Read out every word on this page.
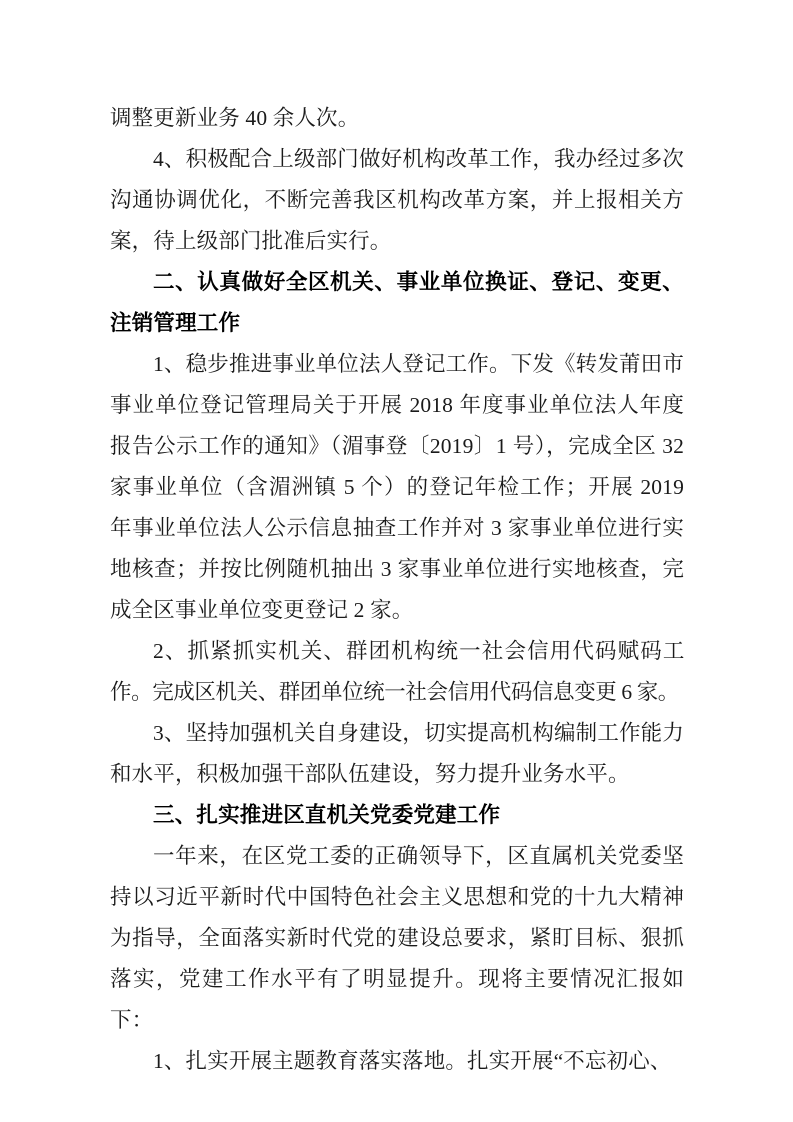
调整更新业务 40 余人次。

4、积极配合上级部门做好机构改革工作，我办经过多次沟通协调优化，不断完善我区机构改革方案，并上报相关方案，待上级部门批准后实行。

二、认真做好全区机关、事业单位换证、登记、变更、注销管理工作

1、稳步推进事业单位法人登记工作。下发《转发莆田市事业单位登记管理局关于开展 2018 年度事业单位法人年度报告公示工作的通知》（湄事登〔2019〕1 号），完成全区 32 家事业单位（含湄洲镇 5 个）的登记年检工作；开展 2019 年事业单位法人公示信息抽查工作并对 3 家事业单位进行实地核查；并按比例随机抽出 3 家事业单位进行实地核查，完成全区事业单位变更登记 2 家。

2、抓紧抓实机关、群团机构统一社会信用代码赋码工作。完成区机关、群团单位统一社会信用代码信息变更 6 家。

3、坚持加强机关自身建设，切实提高机构编制工作能力和水平，积极加强干部队伍建设，努力提升业务水平。

三、扎实推进区直机关党委党建工作

一年来，在区党工委的正确领导下，区直属机关党委坚持以习近平新时代中国特色社会主义思想和党的十九大精神为指导，全面落实新时代党的建设总要求，紧盯目标、狠抓落实，党建工作水平有了明显提升。现将主要情况汇报如下：

1、扎实开展主题教育落实落地。扎实开展“不忘初心、
